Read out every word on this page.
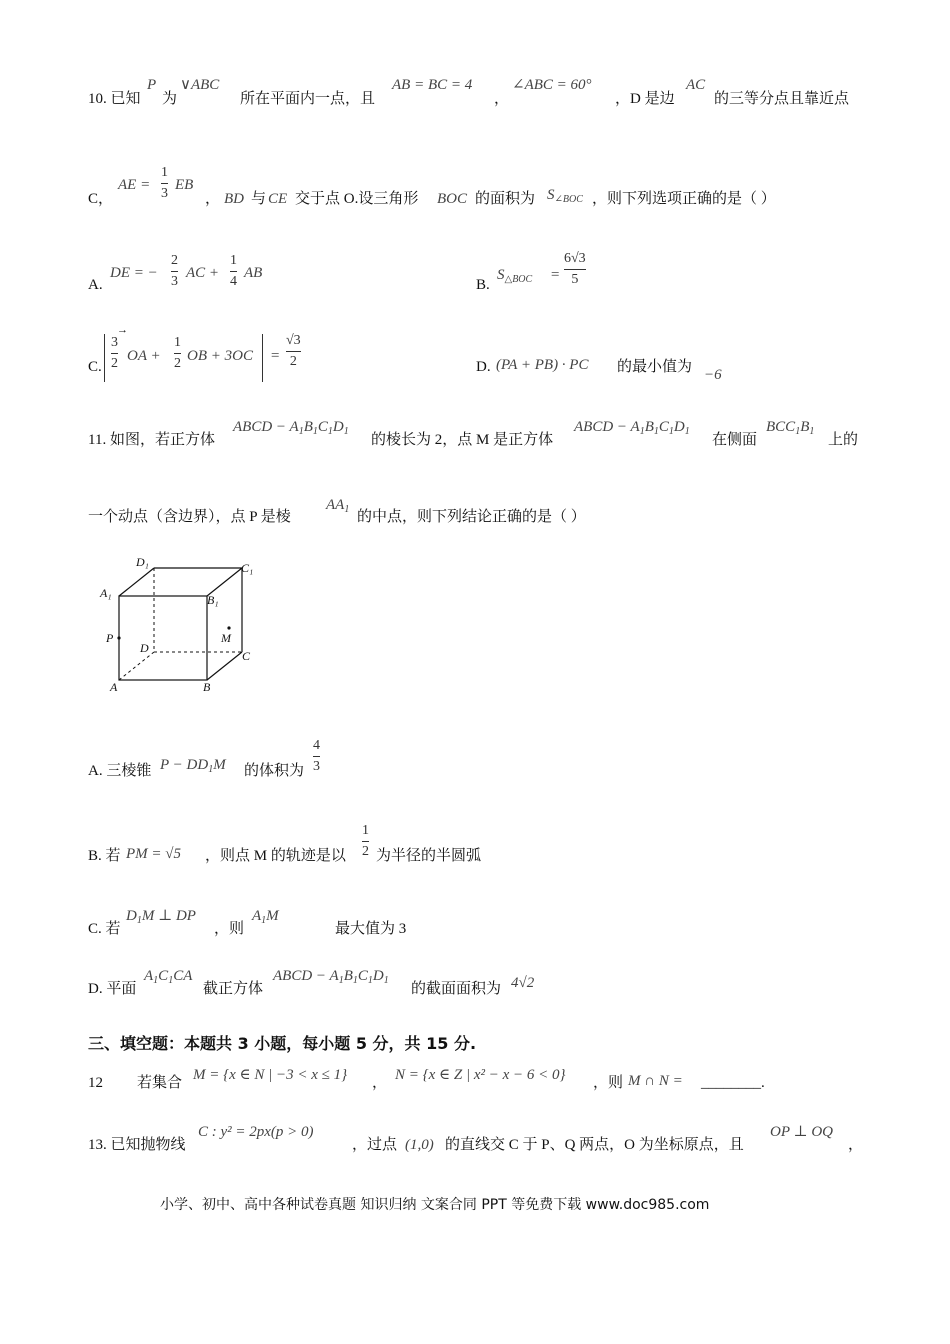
10. 已知
P
为
∨ABC
所在平面内一点，且
AB = BC = 4
，
∠ABC = 60°
，D 是边
AC
的三等分点且靠近点
C，
AE =
1
3
EB
， BD 与 CE 交于点 O.设三角形 BOC 的面积为 $S_{\angle BOC}$ ，则下列选项正确的是（ ）
A.
DE = −
2
3
AC +
1
4
AB
B.
$S_{\triangle BOC}$ =
6√3
5
C.
3
2
→
OA +
1
2 OB + 3OC =
√3
2	D. (PA + PB) · PC 的最小值为 −6
11. 如图，若正方体
ABCD − $A_1B_1C_1D_1$
的棱长为 2，点 M 是正方体
ABCD − $A_1B_1C_1D_1$
在侧面
$BCC_1B_1$
上的
一个动点（含边界），点 P 是棱
$AA_1$ 的中点，则下列结论正确的是（ ）
D₁	C₁
A₁	B₁
P	M
D
C
A	B
A. 三棱锥 $P - DD_1M$ 的体积为
4
3
B. 若 PM = √5 ，则点 M 的轨迹是以
1
2 为半径的半圆弧
C. 若
$D_1M$ ⊥ DP
，则
$A_1M$
最大值为 3
D. 平面
$A_1C_1CA$
截正方体
ABCD − $A_1B_1C_1D_1$
的截面面积为 4√2
三、填空题：本题共 3 小题，每小题 5 分，共 15 分.
12 若集合 M = {x ∈ N | −3 < x ≤ 1} ， N = {x ∈ Z | x² − x − 6 < 0} ，则 M ∩ N = ________.
13. 已知抛物线
C : y² = 2px(p > 0)
，过点 (1,0) 的直线交 C 于 P、Q 两点，O 为坐标原点，且
OP ⊥ OQ
，
小学、初中、高中各种试卷真题 知识归纳 文案合同 PPT 等免费下载 www.doc985.com
